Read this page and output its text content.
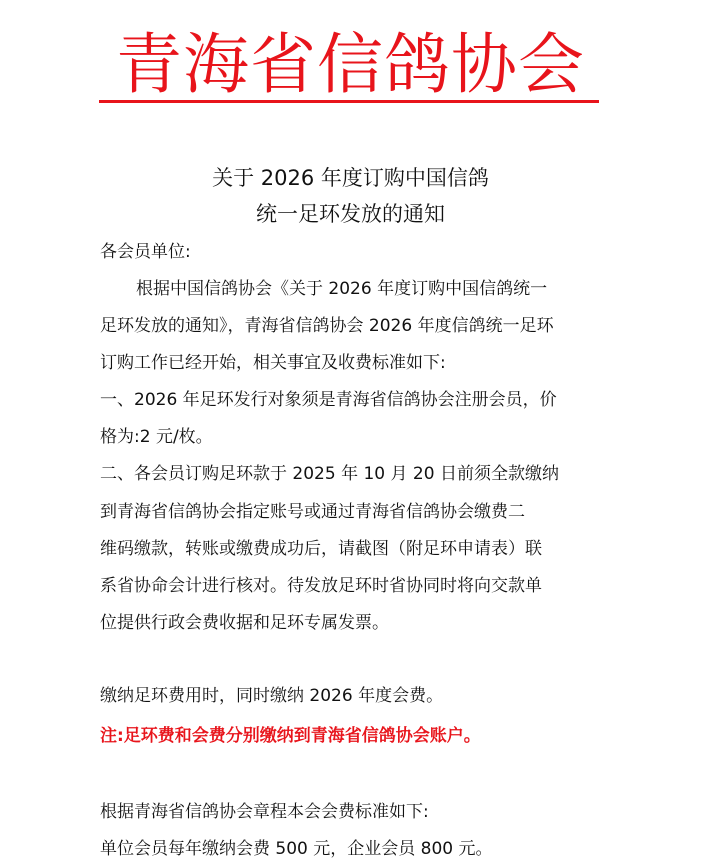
青海省信鸽协会
关于 2026 年度订购中国信鸽
统一足环发放的通知
各会员单位:
根据中国信鸽协会《关于 2026 年度订购中国信鸽统一
足环发放的通知》，青海省信鸽协会 2026 年度信鸽统一足环
订购工作已经开始，相关事宜及收费标准如下:
一、2026 年足环发行对象须是青海省信鸽协会注册会员，价
格为:2 元/枚。
二、各会员订购足环款于 2025 年 10 月 20 日前须全款缴纳
到青海省信鸽协会指定账号或通过青海省信鸽协会缴费二
维码缴款，转账或缴费成功后，请截图（附足环申请表）联
系省协命会计进行核对。待发放足环时省协同时将向交款单
位提供行政会费收据和足环专属发票。
缴纳足环费用时，同时缴纳 2026 年度会费。
注:足环费和会费分别缴纳到青海省信鸽协会账户。
根据青海省信鸽协会章程本会会费标准如下:
单位会员每年缴纳会费 500 元，企业会员 800 元。
